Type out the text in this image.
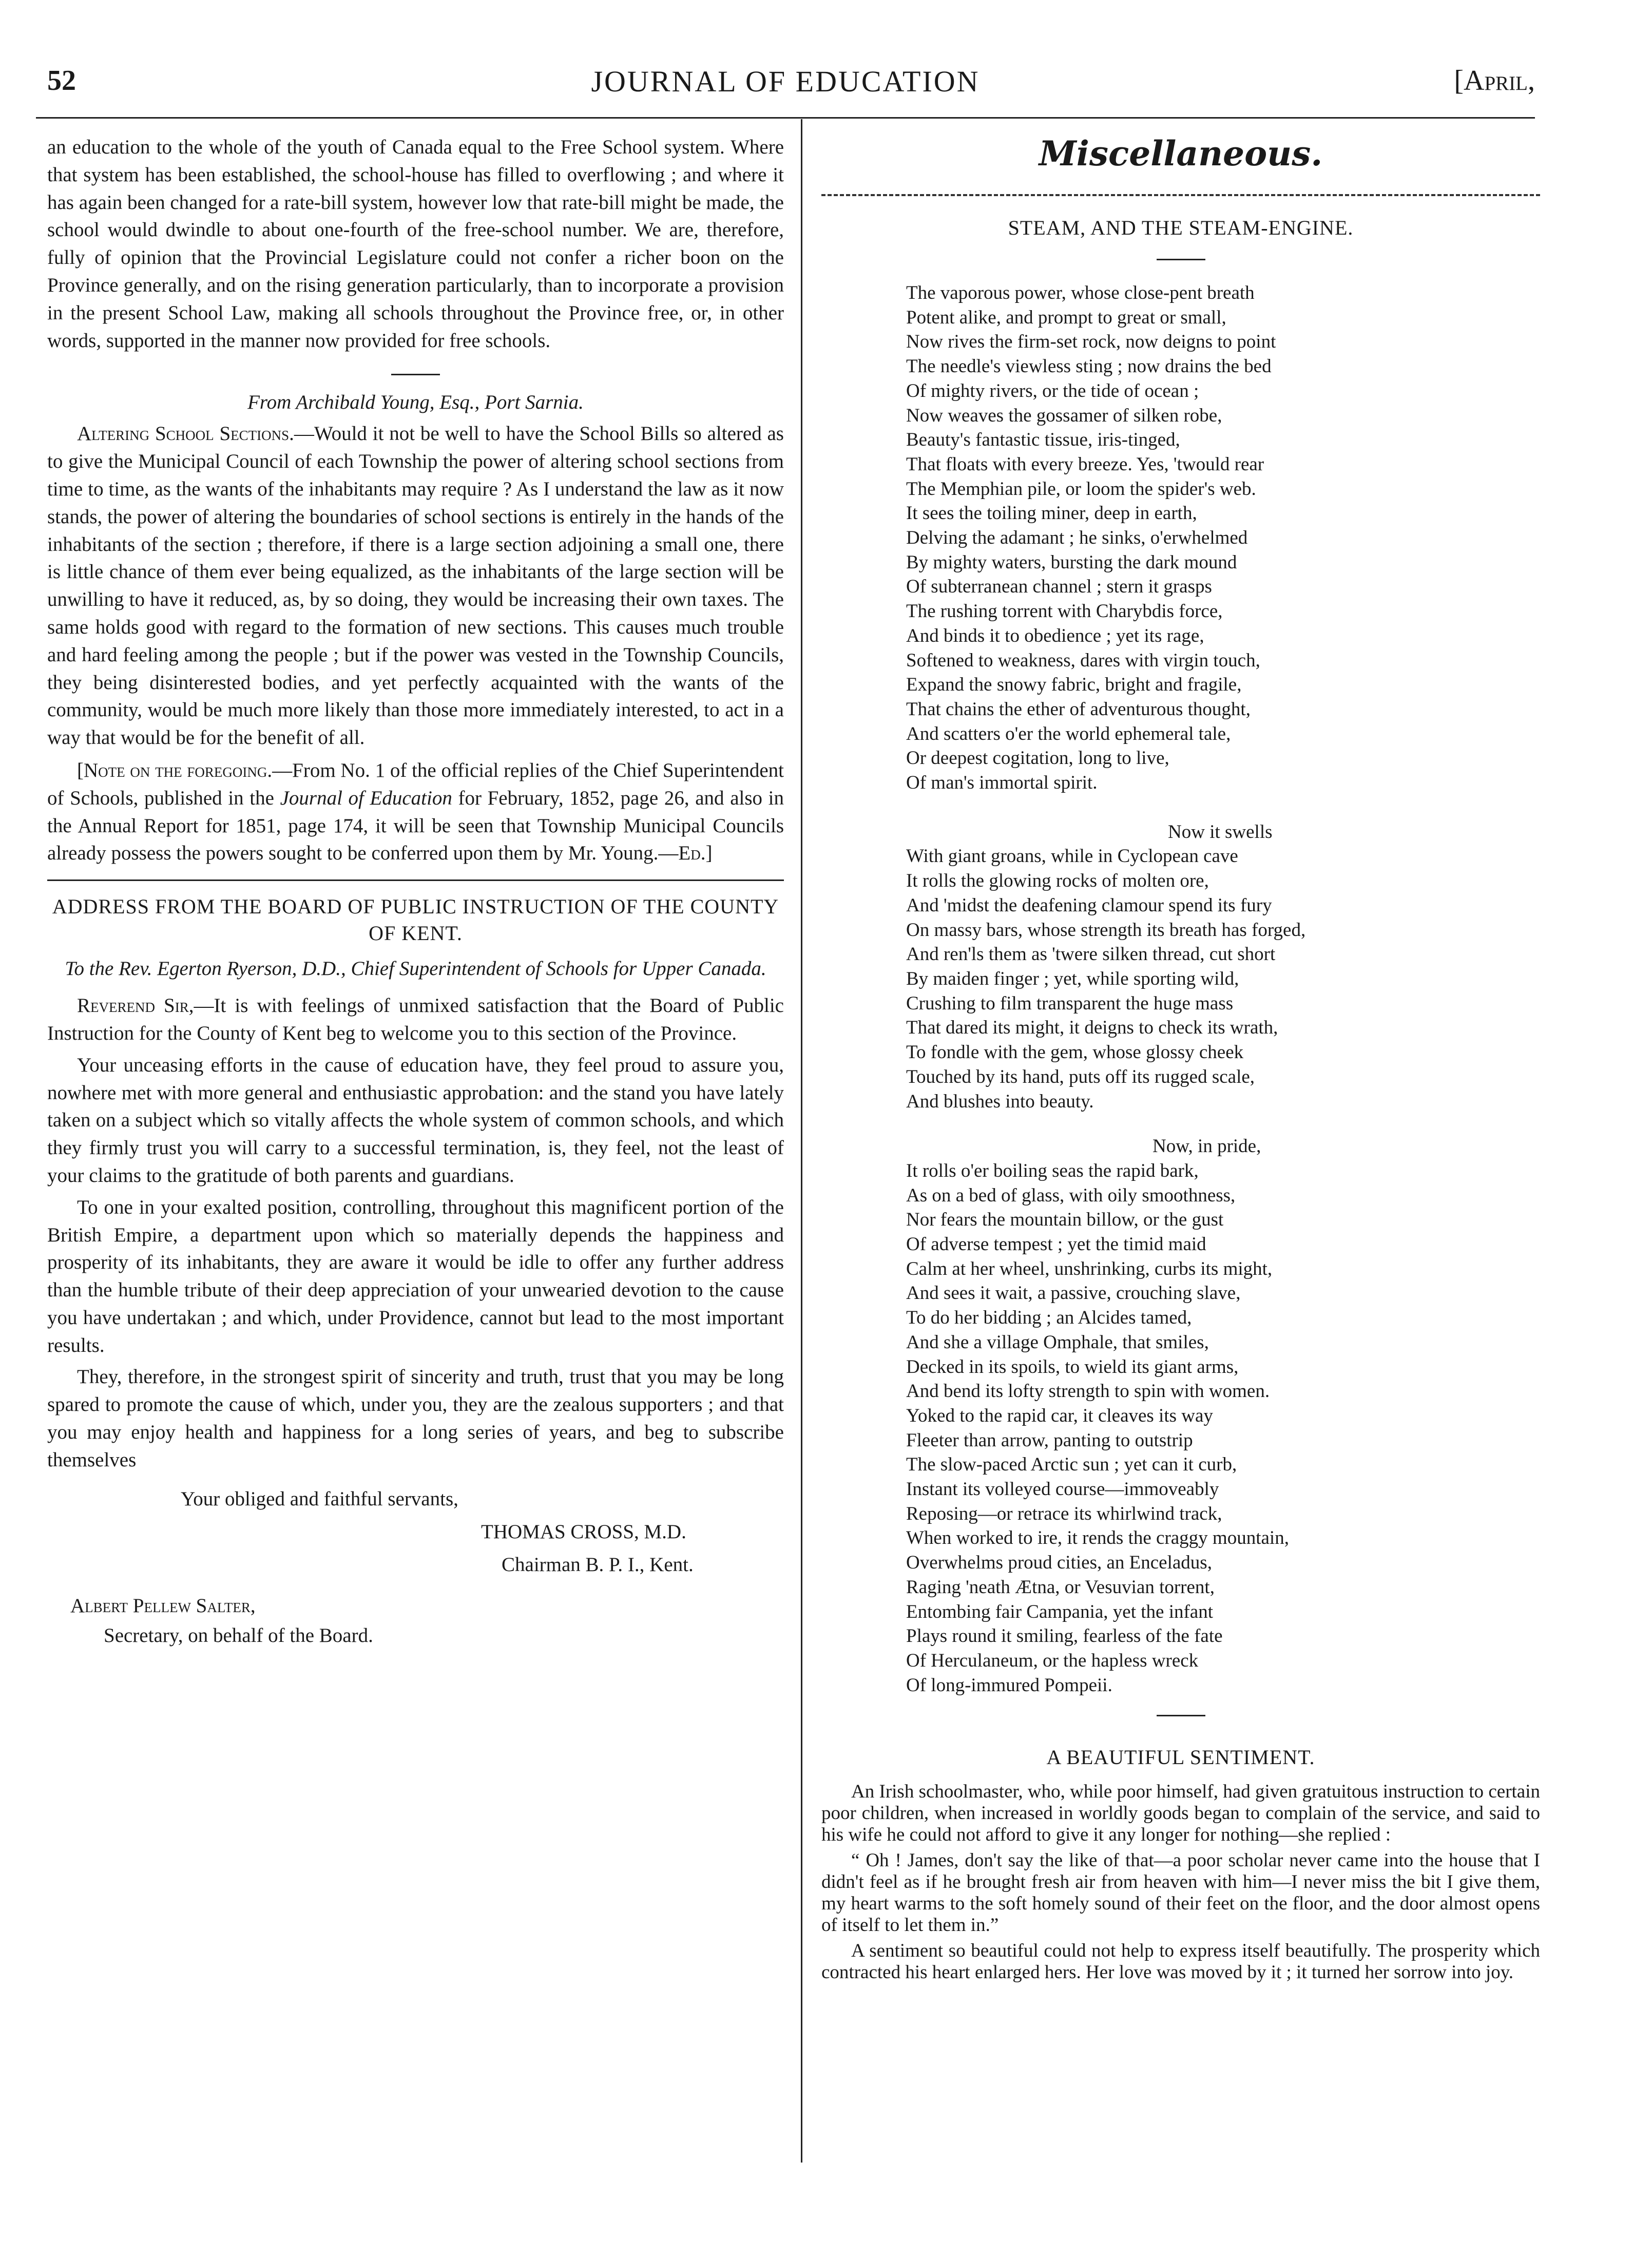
52	JOURNAL OF EDUCATION	[April,

an education to the whole of the youth of Canada equal to the Free School system. Where that system has been established, the school-house has filled to overflowing ; and where it has again been changed for a rate-bill system, however low that rate-bill might be made, the school would dwindle to about one-fourth of the free-school number. We are, therefore, fully of opinion that the Provincial Legislature could not confer a richer boon on the Province generally, and on the rising generation particularly, than to incorporate a provision in the present School Law, making all schools throughout the Province free, or, in other words, supported in the manner now provided for free schools.

From Archibald Young, Esq., Port Sarnia.

Altering School Sections.—Would it not be well to have the School Bills so altered as to give the Municipal Council of each Township the power of altering school sections from time to time, as the wants of the inhabitants may require ? As I understand the law as it now stands, the power of altering the boundaries of school sections is entirely in the hands of the inhabitants of the section ; therefore, if there is a large section adjoining a small one, there is little chance of them ever being equalized, as the inhabitants of the large section will be unwilling to have it reduced, as, by so doing, they would be increasing their own taxes. The same holds good with regard to the formation of new sections. This causes much trouble and hard feeling among the people ; but if the power was vested in the Township Councils, they being disinterested bodies, and yet perfectly acquainted with the wants of the community, would be much more likely than those more immediately interested, to act in a way that would be for the benefit of all.

[Note on the foregoing.—From No. 1 of the official replies of the Chief Superintendent of Schools, published in the Journal of Education for February, 1852, page 26, and also in the Annual Report for 1851, page 174, it will be seen that Township Municipal Councils already possess the powers sought to be conferred upon them by Mr. Young.—Ed.]

ADDRESS FROM THE BOARD OF PUBLIC INSTRUCTION OF THE COUNTY OF KENT.

To the Rev. Egerton Ryerson, D.D., Chief Superintendent of Schools for Upper Canada.

Reverend Sir,—It is with feelings of unmixed satisfaction that the Board of Public Instruction for the County of Kent beg to welcome you to this section of the Province.

Your unceasing efforts in the cause of education have, they feel proud to assure you, nowhere met with more general and enthusiastic approbation: and the stand you have lately taken on a subject which so vitally affects the whole system of common schools, and which they firmly trust you will carry to a successful termination, is, they feel, not the least of your claims to the gratitude of both parents and guardians.

To one in your exalted position, controlling, throughout this magnificent portion of the British Empire, a department upon which so materially depends the happiness and prosperity of its inhabitants, they are aware it would be idle to offer any further address than the humble tribute of their deep appreciation of your unwearied devotion to the cause you have undertakan ; and which, under Providence, cannot but lead to the most important results.

They, therefore, in the strongest spirit of sincerity and truth, trust that you may be long spared to promote the cause of which, under you, they are the zealous supporters ; and that you may enjoy health and happiness for a long series of years, and beg to subscribe themselves

Your obliged and faithful servants,

THOMAS CROSS, M.D.

Chairman B. P. I., Kent.

Albert Pellew Salter,

Secretary, on behalf of the Board.

Miscellaneous.

STEAM, AND THE STEAM-ENGINE.

The vaporous power, whose close-pent breath
Potent alike, and prompt to great or small,
Now rives the firm-set rock, now deigns to point
The needle's viewless sting ; now drains the bed
Of mighty rivers, or the tide of ocean ;
Now weaves the gossamer of silken robe,
Beauty's fantastic tissue, iris-tinged,
That floats with every breeze. Yes, 'twould rear
The Memphian pile, or loom the spider's web.
It sees the toiling miner, deep in earth,
Delving the adamant ; he sinks, o'erwhelmed
By mighty waters, bursting the dark mound
Of subterranean channel ; stern it grasps
The rushing torrent with Charybdis force,
And binds it to obedience ; yet its rage,
Softened to weakness, dares with virgin touch,
Expand the snowy fabric, bright and fragile,
That chains the ether of adventurous thought,
And scatters o'er the world ephemeral tale,
Or deepest cogitation, long to live,
Of man's immortal spirit.

Now it swells

With giant groans, while in Cyclopean cave
It rolls the glowing rocks of molten ore,
And 'midst the deafening clamour spend its fury
On massy bars, whose strength its breath has forged,
And ren'ls them as 'twere silken thread, cut short
By maiden finger ; yet, while sporting wild,
Crushing to film transparent the huge mass
That dared its might, it deigns to check its wrath,
To fondle with the gem, whose glossy cheek
Touched by its hand, puts off its rugged scale,
And blushes into beauty.

Now, in pride,

It rolls o'er boiling seas the rapid bark,
As on a bed of glass, with oily smoothness,
Nor fears the mountain billow, or the gust
Of adverse tempest ; yet the timid maid
Calm at her wheel, unshrinking, curbs its might,
And sees it wait, a passive, crouching slave,
To do her bidding ; an Alcides tamed,
And she a village Omphale, that smiles,
Decked in its spoils, to wield its giant arms,
And bend its lofty strength to spin with women.
Yoked to the rapid car, it cleaves its way
Fleeter than arrow, panting to outstrip
The slow-paced Arctic sun ; yet can it curb,
Instant its volleyed course—immoveably
Reposing—or retrace its whirlwind track,
When worked to ire, it rends the craggy mountain,
Overwhelms proud cities, an Enceladus,
Raging 'neath Ætna, or Vesuvian torrent,
Entombing fair Campania, yet the infant
Plays round it smiling, fearless of the fate
Of Herculaneum, or the hapless wreck
Of long-immured Pompeii.

A BEAUTIFUL SENTIMENT.

An Irish schoolmaster, who, while poor himself, had given gratuitous instruction to certain poor children, when increased in worldly goods began to complain of the service, and said to his wife he could not afford to give it any longer for nothing—she replied :

“ Oh ! James, don't say the like of that—a poor scholar never came into the house that I didn't feel as if he brought fresh air from heaven with him—I never miss the bit I give them, my heart warms to the soft homely sound of their feet on the floor, and the door almost opens of itself to let them in.”

A sentiment so beautiful could not help to express itself beautifully. The prosperity which contracted his heart enlarged hers. Her love was moved by it ; it turned her sorrow into joy.
